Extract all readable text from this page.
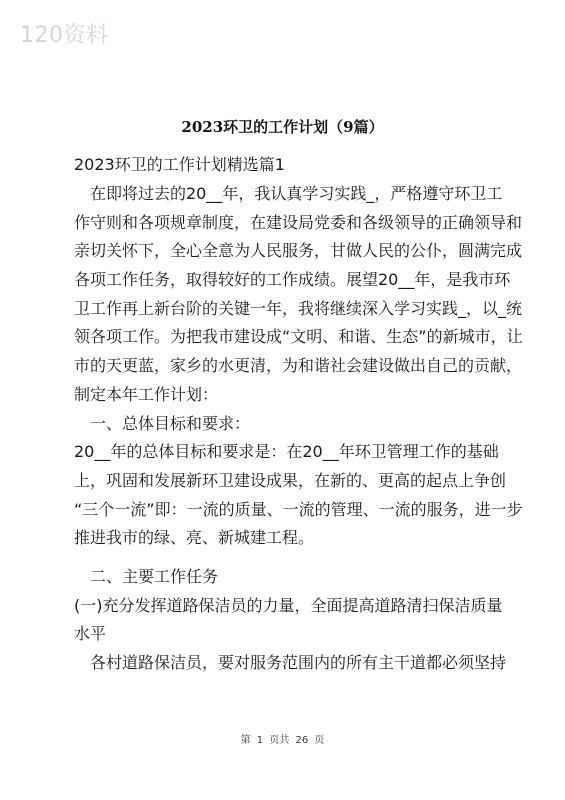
120资料
2023环卫的工作计划（9篇）
2023环卫的工作计划精选篇1
　在即将过去的20__年，我认真学习实践_，严格遵守环卫工
作守则和各项规章制度，在建设局党委和各级领导的正确领导和
亲切关怀下，全心全意为人民服务，甘做人民的公仆，圆满完成
各项工作任务，取得较好的工作成绩。展望20__年，是我市环
卫工作再上新台阶的关键一年，我将继续深入学习实践_，以_统
领各项工作。为把我市建设成“文明、和谐、生态”的新城市，让
市的天更蓝，家乡的水更清，为和谐社会建设做出自己的贡献，
制定本年工作计划：
　一、总体目标和要求：
20__年的总体目标和要求是：在20__年环卫管理工作的基础
上，巩固和发展新环卫建设成果，在新的、更高的起点上争创
“三个一流”即：一流的质量、一流的管理、一流的服务，进一步
推进我市的绿、亮、新城建工程。
　二、主要工作任务
(一)充分发挥道路保洁员的力量，全面提高道路清扫保洁质量
水平
　各村道路保洁员，要对服务范围内的所有主干道都必须坚持
第 1 页共 26 页
